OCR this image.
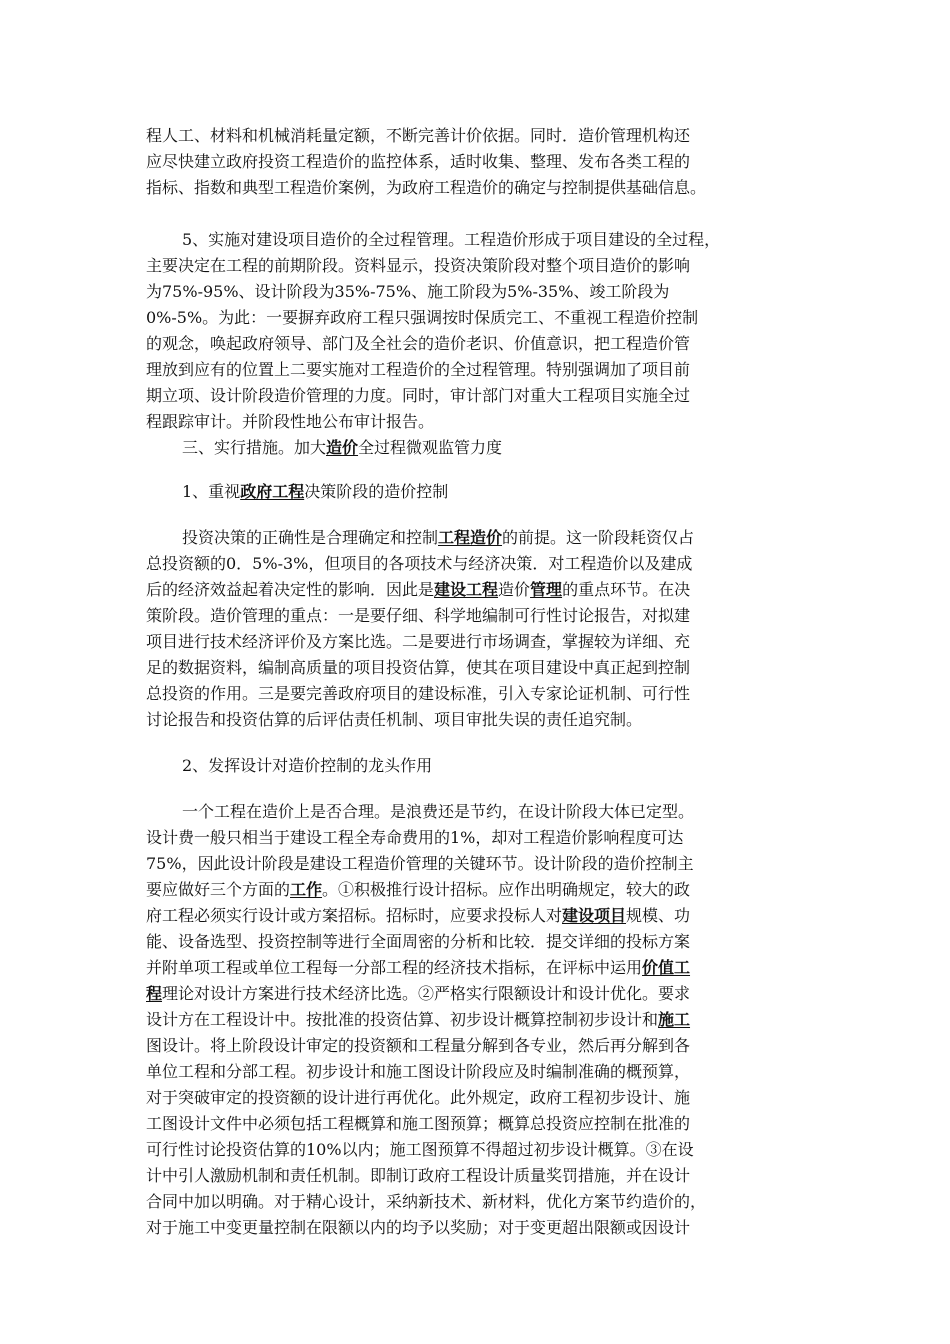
程人工、材料和机械消耗量定额，不断完善计价依据。同时．造价管理机构还
应尽快建立政府投资工程造价的监控体系，适时收集、整理、发布各类工程的
指标、指数和典型工程造价案例，为政府工程造价的确定与控制提供基础信息。
5、实施对建设项目造价的全过程管理。工程造价形成于项目建设的全过程，
主要决定在工程的前期阶段。资料显示，投资决策阶段对整个项目造价的影响
为75%-95%、设计阶段为35%-75%、施工阶段为5%-35%、竣工阶段为
0%-5%。为此：一要摒弃政府工程只强调按时保质完工、不重视工程造价控制
的观念，唤起政府领导、部门及全社会的造价老识、价值意识，把工程造价管
理放到应有的位置上二要实施对工程造价的全过程管理。特别强调加了项目前
期立项、设计阶段造价管理的力度。同时，审计部门对重大工程项目实施全过
程跟踪审计。并阶段性地公布审计报告。
三、实行措施。加大造价全过程微观监管力度
1、重视政府工程决策阶段的造价控制
投资决策的正确性是合理确定和控制工程造价的前提。这一阶段耗资仅占
总投资额的0．5%-3%，但项目的各项技术与经济决策．对工程造价以及建成
后的经济效益起着决定性的影响．因此是建设工程造价管理的重点环节。在决
策阶段。造价管理的重点：一是要仔细、科学地编制可行性讨论报告，对拟建
项目进行技术经济评价及方案比选。二是要进行市场调查，掌握较为详细、充
足的数据资料，编制高质量的项目投资估算，使其在项目建设中真正起到控制
总投资的作用。三是要完善政府项目的建设标准，引入专家论证机制、可行性
讨论报告和投资估算的后评估责任机制、项目审批失误的责任追究制。
2、发挥设计对造价控制的龙头作用
一个工程在造价上是否合理。是浪费还是节约，在设计阶段大体已定型。
设计费一般只相当于建设工程全寿命费用的1%，却对工程造价影响程度可达
75%，因此设计阶段是建设工程造价管理的关键环节。设计阶段的造价控制主
要应做好三个方面的工作。①积极推行设计招标。应作出明确规定，较大的政
府工程必须实行设计或方案招标。招标时，应要求投标人对建设项目规模、功
能、设备选型、投资控制等进行全面周密的分析和比较．提交详细的投标方案
并附单项工程或单位工程每一分部工程的经济技术指标，在评标中运用价值工
程理论对设计方案进行技术经济比选。②严格实行限额设计和设计优化。要求
设计方在工程设计中。按批准的投资估算、初步设计概算控制初步设计和施工
图设计。将上阶段设计审定的投资额和工程量分解到各专业，然后再分解到各
单位工程和分部工程。初步设计和施工图设计阶段应及时编制准确的概预算，
对于突破审定的投资额的设计进行再优化。此外规定，政府工程初步设计、施
工图设计文件中必须包括工程概算和施工图预算；概算总投资应控制在批准的
可行性讨论投资估算的10%以内；施工图预算不得超过初步设计概算。③在设
计中引人激励机制和责任机制。即制订政府工程设计质量奖罚措施，并在设计
合同中加以明确。对于精心设计，采纳新技术、新材料，优化方案节约造价的，
对于施工中变更量控制在限额以内的均予以奖励；对于变更超出限额或因设计
